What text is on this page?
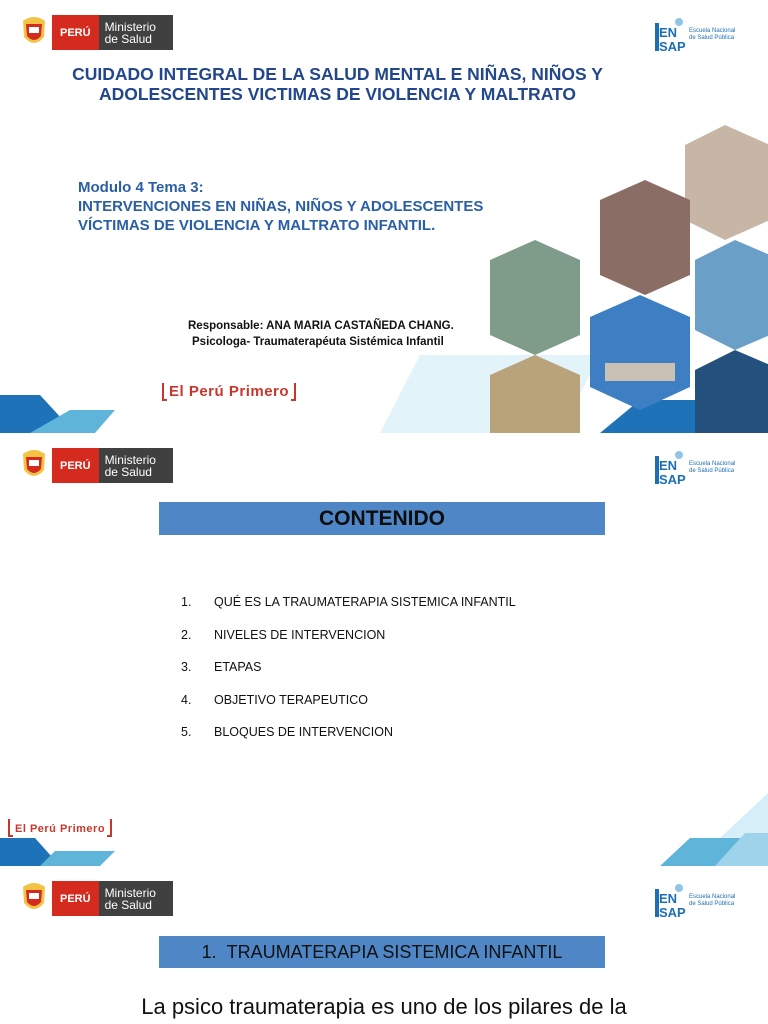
PERÚ	Ministerio
de Salud	EN
SAP
Escuela Nacional
de Salud Pública
CUIDADO INTEGRAL DE LA SALUD MENTAL E NIÑAS, NIÑOS Y ADOLESCENTES VICTIMAS DE VIOLENCIA Y MALTRATO
Modulo 4 Tema 3:
INTERVENCIONES EN NIÑAS, NIÑOS Y ADOLESCENTES
VÍCTIMAS DE VIOLENCIA Y MALTRATO INFANTIL.
Responsable: ANA MARIA CASTAÑEDA CHANG.
Psicologa- Traumaterapéuta Sistémica Infantil
El Perú Primero
PERÚ	Ministerio
de Salud	EN
SAP
Escuela Nacional
de Salud Pública
CONTENIDO
1.	QUÉ ES LA TRAUMATERAPIA SISTEMICA INFANTIL
2.	NIVELES DE INTERVENCION
3.	ETAPAS
4.	OBJETIVO TERAPEUTICO
5.	BLOQUES DE INTERVENCION
El Perú Primero
PERÚ	Ministerio
de Salud	EN
SAP
Escuela Nacional
de Salud Pública
1. TRAUMATERAPIA SISTEMICA INFANTIL
La psico traumaterapia es uno de los pilares de la
